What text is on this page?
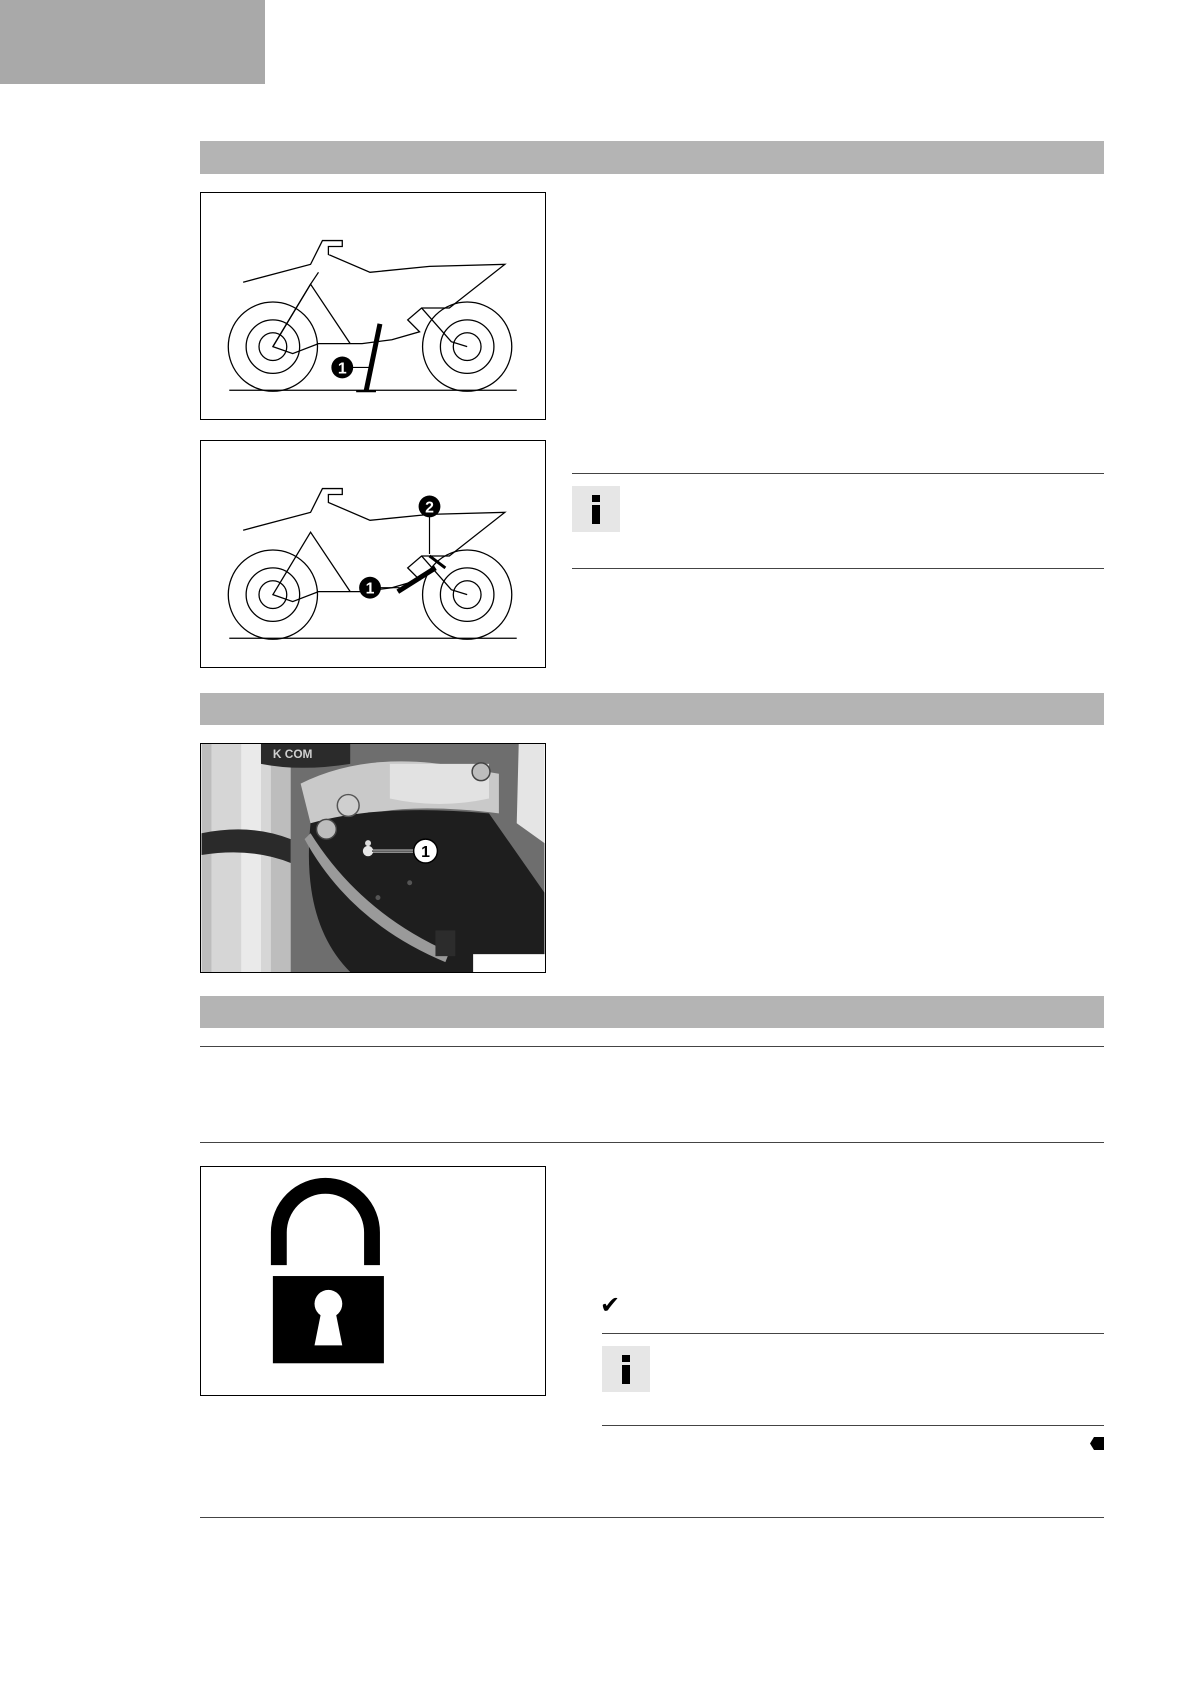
1
1
2
K COM
1
✔
